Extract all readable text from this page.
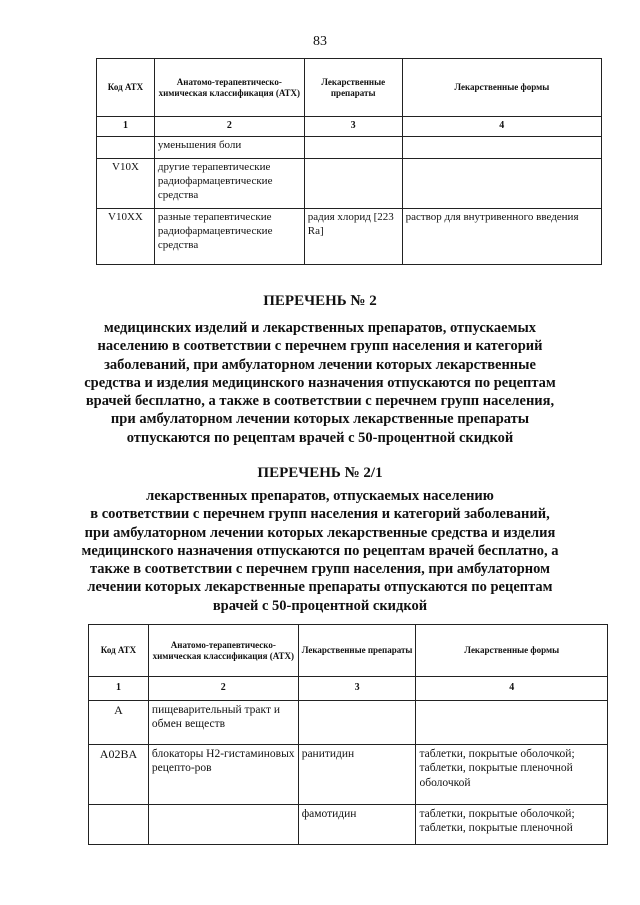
83
Код АТХ	Анатомо-терапевтическо-химическая классификация (АТХ)	Лекарственные препараты	Лекарственные формы
1	2	3	4
	уменьшения боли		
V10X	другие терапевтические радиофармацевтические средства		
V10XX	разные терапевтические радиофармацевтические средства	радия хлорид [223 Ra]	раствор для внутривенного введения
ПЕРЕЧЕНЬ № 2
медицинских изделий и лекарственных препаратов, отпускаемых
населению в соответствии с перечнем групп населения и категорий
заболеваний, при амбулаторном лечении которых лекарственные
средства и изделия медицинского назначения отпускаются по рецептам
врачей бесплатно, а также в соответствии с перечнем групп населения,
при амбулаторном лечении которых лекарственные препараты
отпускаются по рецептам врачей с 50-процентной скидкой
ПЕРЕЧЕНЬ № 2/1
лекарственных препаратов, отпускаемых населению
в соответствии с перечнем групп населения и категорий заболеваний,
при амбулаторном лечении которых лекарственные средства и изделия
медицинского назначения отпускаются по рецептам врачей бесплатно, а
также в соответствии с перечнем групп населения, при амбулаторном
лечении которых лекарственные препараты отпускаются по рецептам
врачей с 50-процентной скидкой
Код АТХ	Анатомо-терапевтическо-химическая классификация (АТХ)	Лекарственные препараты	Лекарственные формы
1	2	3	4
A	пищеварительный тракт и обмен веществ		
A02BA	блокаторы H2-гистаминовых рецепто-ров	ранитидин	таблетки, покрытые оболочкой; таблетки, покрытые пленочной оболочкой
		фамотидин	таблетки, покрытые оболочкой; таблетки, покрытые пленочной
